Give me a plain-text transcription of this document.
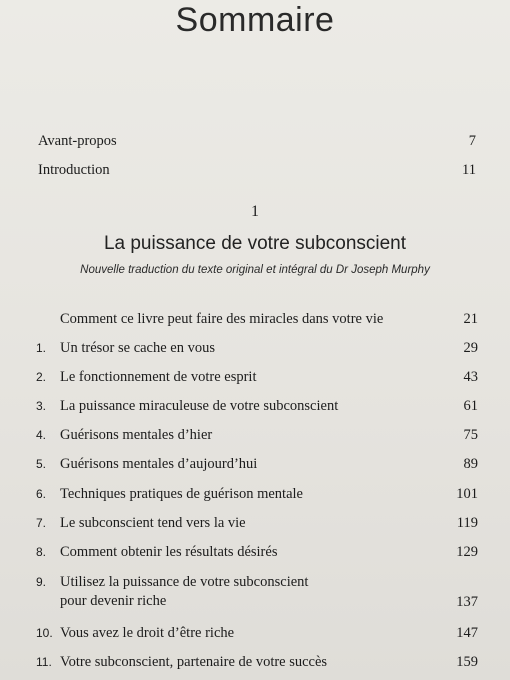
Sommaire
Avant-propos	7
Introduction	11
1
La puissance de votre subconscient
Nouvelle traduction du texte original et intégral du Dr Joseph Murphy
Comment ce livre peut faire des miracles dans votre vie	21
1. Un trésor se cache en vous	29
2. Le fonctionnement de votre esprit	43
3. La puissance miraculeuse de votre subconscient	61
4. Guérisons mentales d’hier	75
5. Guérisons mentales d’aujourd’hui	89
6. Techniques pratiques de guérison mentale	101
7. Le subconscient tend vers la vie	119
8. Comment obtenir les résultats désirés	129
9. Utilisez la puissance de votre subconscient
pour devenir riche	137
10. Vous avez le droit d’être riche	147
11. Votre subconscient, partenaire de votre succès	159
